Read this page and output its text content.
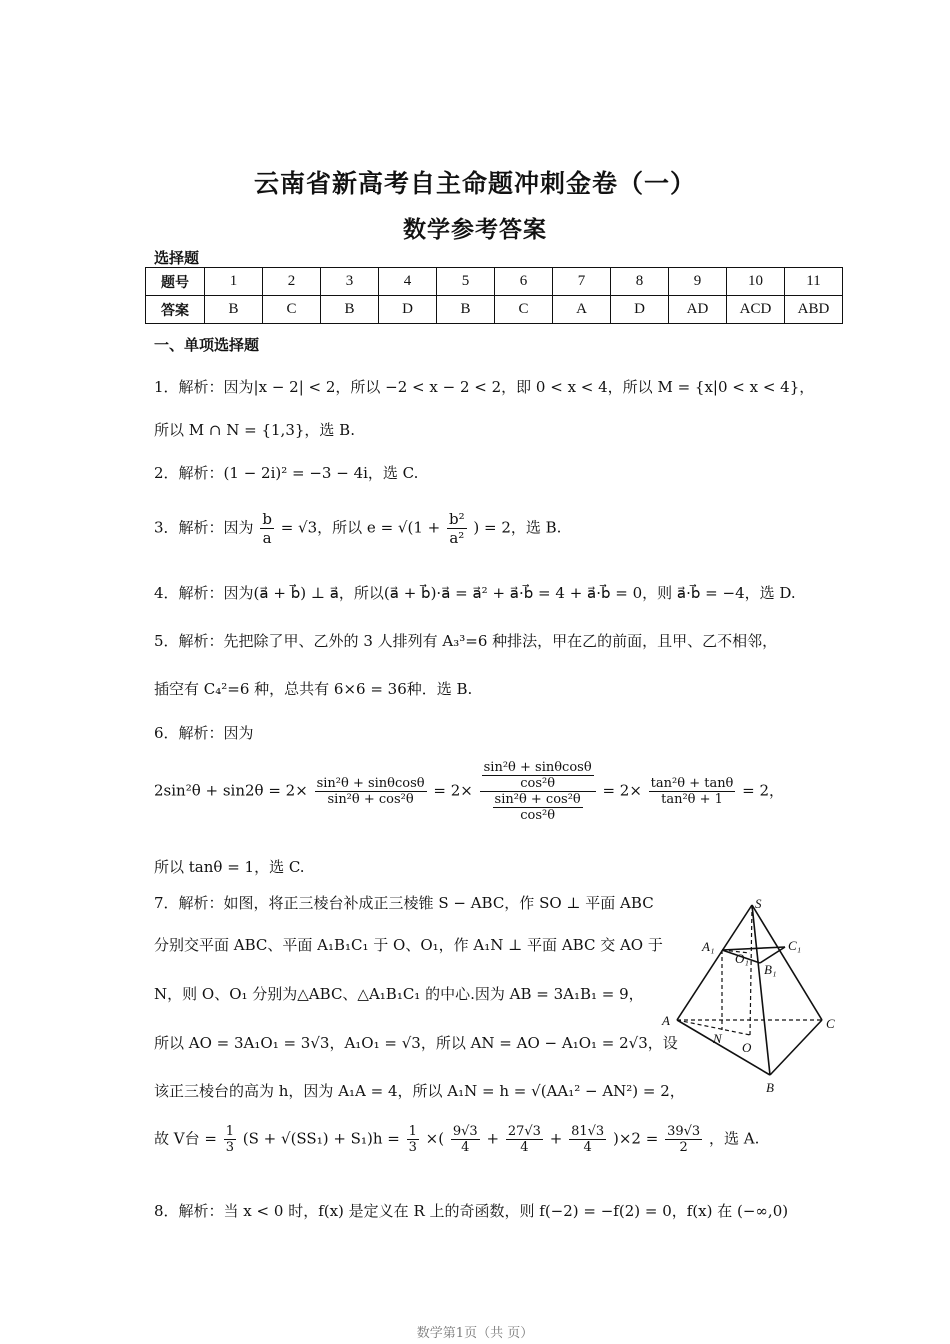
云南省新高考自主命题冲刺金卷（一）
数学参考答案
选择题
题号	1	2	3	4	5	6	7	8	9	10	11
答案	B	C	B	D	B	C	A	D	AD	ACD	ABD
一、单项选择题
1．解析：因为|x − 2| < 2，所以 −2 < x − 2 < 2，即 0 < x < 4，所以 M = {x|0 < x < 4}，
所以 M ∩ N = {1,3}，选 B.
2．解析：(1 − 2i)² = −3 − 4i，选 C.
3．解析：因为 $\frac{b}{a} = √3$，所以 $e = √(1 + \frac{\text{b²}}{\text{a²}}$ ) = 2，选 B.
4．解析：因为(a⃗ + b⃗) ⊥ a⃗，所以(a⃗ + b⃗)·a⃗ = a⃗² + a⃗·b⃗ = 4 + a⃗·b⃗ = 0，则 a⃗·b⃗ = −4，选 D.
5．解析：先把除了甲、乙外的 3 人排列有 A₃³=6 种排法，甲在乙的前面，且甲、乙不相邻，
插空有 C₄²=6 种，总共有 6×6 = 36种．选 B.
6．解析：因为
$2\sin^2\theta + \sin 2\theta = 2\times \frac{\text{sin²θ + sinθcosθ}}{\text{sin²θ + cos²θ}} = 2\times \frac{\frac{\text{sin²θ + sinθcosθ}}{\text{cos²θ}}}{\frac{\text{sin²θ + cos²θ}}{\text{cos²θ}}} = 2\times \frac{\text{tan²θ + tanθ}}{\text{tan²θ + 1}} = 2$，
所以 tanθ = 1，选 C.
7．解析：如图，将正三棱台补成正三棱锥 S − ABC，作 SO ⊥ 平面 ABC
分别交平面 ABC、平面 A₁B₁C₁ 于 O、O₁，作 A₁N ⊥ 平面 ABC 交 AO 于
N，则 O、O₁ 分别为△ABC、△A₁B₁C₁ 的中心.因为 AB = 3A₁B₁ = 9，
所以 AO = 3A₁O₁ = 3√3，A₁O₁ = √3，所以 AN = AO − A₁O₁ = 2√3，设
该正三棱台的高为 h，因为 A₁A = 4，所以 A₁N = h = √(AA₁² − AN²) = 2，
故 V台 = $\frac{1}{3} (S + √(SS_1) + S_1)h = \frac{1}{3}$ ×( $\frac{9√3}{4} + \frac{27√3}{4} + \frac{81√3}{4} )\times 2 = \frac{39√3}{2}$ ，选 A.
8．解析：当 x < 0 时，f(x) 是定义在 R 上的奇函数，则 f(−2) = −f(2) = 0，f(x) 在 (−∞,0)
S
A₁	C₁
O₁
B₁
A	C
N
O
B
数学第1页（共 页）
